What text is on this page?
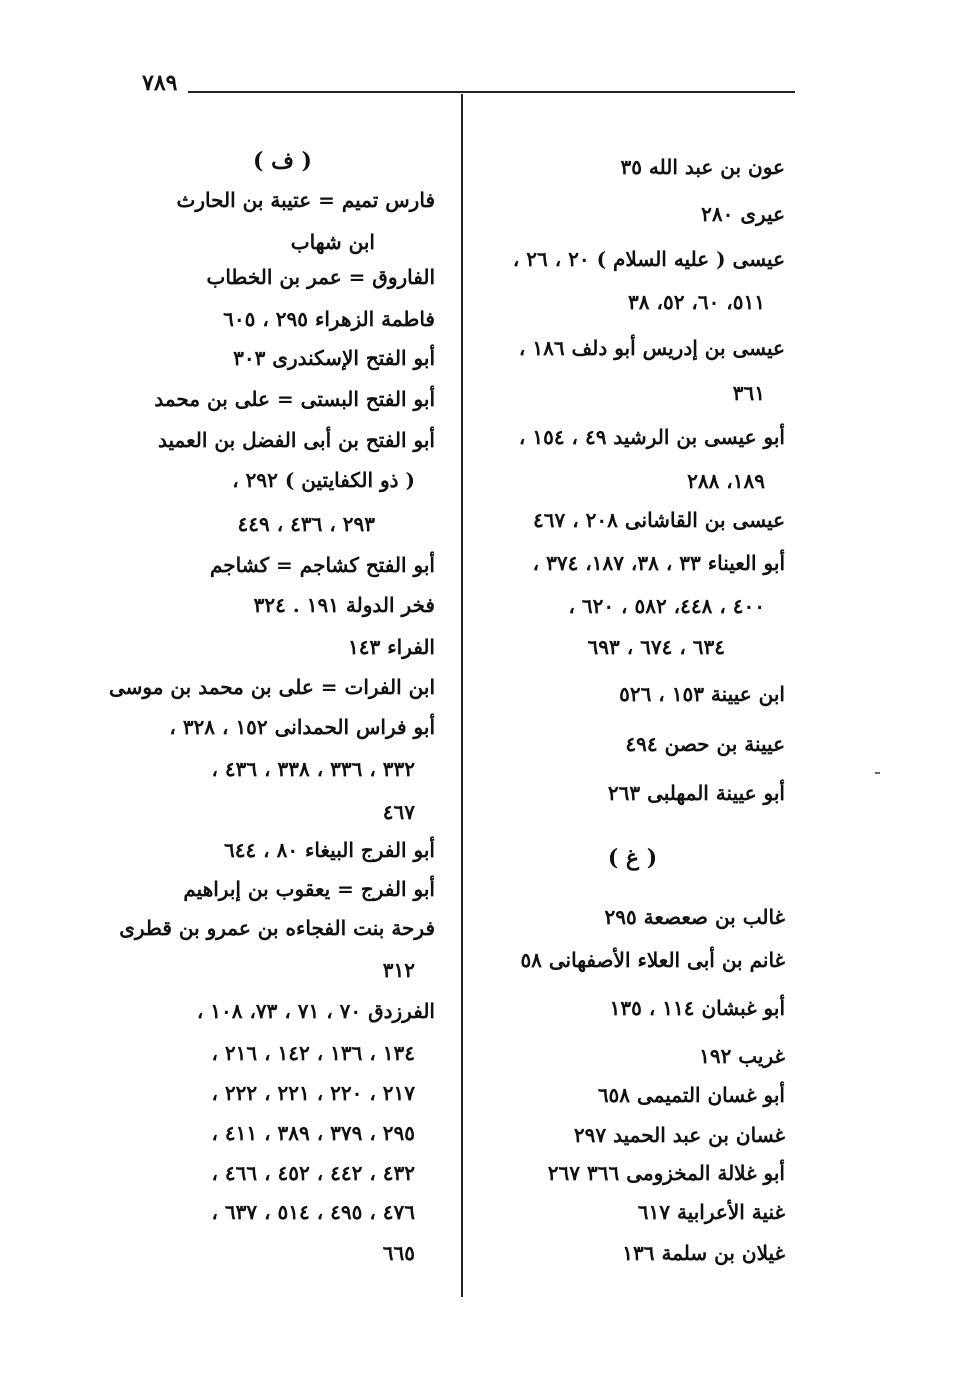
٧٨٩
عون بن عبد الله ٣٥
عيرى ٢٨٠
عيسى ( عليه السلام ) ٢٠ ، ٢٦ ،
٥١١، ٦٠، ٥٢، ٣٨
عيسى بن إدريس أبو دلف ١٨٦ ،
٣٦١
أبو عيسى بن الرشيد ٤٩ ، ١٥٤ ،
١٨٩، ٢٨٨
عيسى بن القاشانى ٢٠٨ ، ٤٦٧
أبو العيناء ٣٣ ، ٣٨، ١٨٧، ٣٧٤ ،
٤٠٠ ، ٤٤٨، ٥٨٢ ، ٦٢٠ ،
٦٣٤ ، ٦٧٤ ، ٦٩٣
ابن عيينة ١٥٣ ، ٥٢٦
عيينة بن حصن ٤٩٤
أبو عيينة المهلبى ٢٦٣
( غ )
غالب بن صعصعة ٢٩٥
غانم بن أبى العلاء الأصفهانى ٥٨
أبو غبشان ١١٤ ، ١٣٥
غريب ١٩٢
أبو غسان التميمى ٦٥٨
غسان بن عبد الحميد ٢٩٧
أبو غلالة المخزومى ٣٦٦ ٢٦٧
غنية الأعرابية ٦١٧
غيلان بن سلمة ١٣٦
( ف )
فارس تميم = عتيبة بن الحارث
ابن شهاب
الفاروق = عمر بن الخطاب
فاطمة الزهراء ٢٩٥ ، ٦٠٥
أبو الفتح الإسكندرى ٣٠٣
أبو الفتح البستى = على بن محمد
أبو الفتح بن أبى الفضل بن العميد
( ذو الكفايتين ) ٢٩٢ ،
٢٩٣ ، ٤٣٦ ، ٤٤٩
أبو الفتح كشاجم = كشاجم
فخر الدولة ١٩١ . ٣٢٤
الفراء ١٤٣
ابن الفرات = على بن محمد بن موسى
أبو فراس الحمدانى ١٥٢ ، ٣٢٨ ،
٣٣٢ ، ٣٣٦ ، ٣٣٨ ، ٤٣٦ ،
٤٦٧
أبو الفرج البيغاء ٨٠ ، ٦٤٤
أبو الفرج = يعقوب بن إبراهيم
فرحة بنت الفجاءه بن عمرو بن قطرى
٣١٢
الفرزدق ٧٠ ، ٧١ ، ٧٣، ١٠٨ ،
١٣٤ ، ١٣٦ ، ١٤٢ ، ٢١٦ ،
٢١٧ ، ٢٢٠ ، ٢٢١ ، ٢٢٢ ،
٢٩٥ ، ٣٧٩ ، ٣٨٩ ، ٤١١ ،
٤٣٢ ، ٤٤٢ ، ٤٥٢ ، ٤٦٦ ،
٤٧٦ ، ٤٩٥ ، ٥١٤ ، ٦٣٧ ،
٦٦٥
